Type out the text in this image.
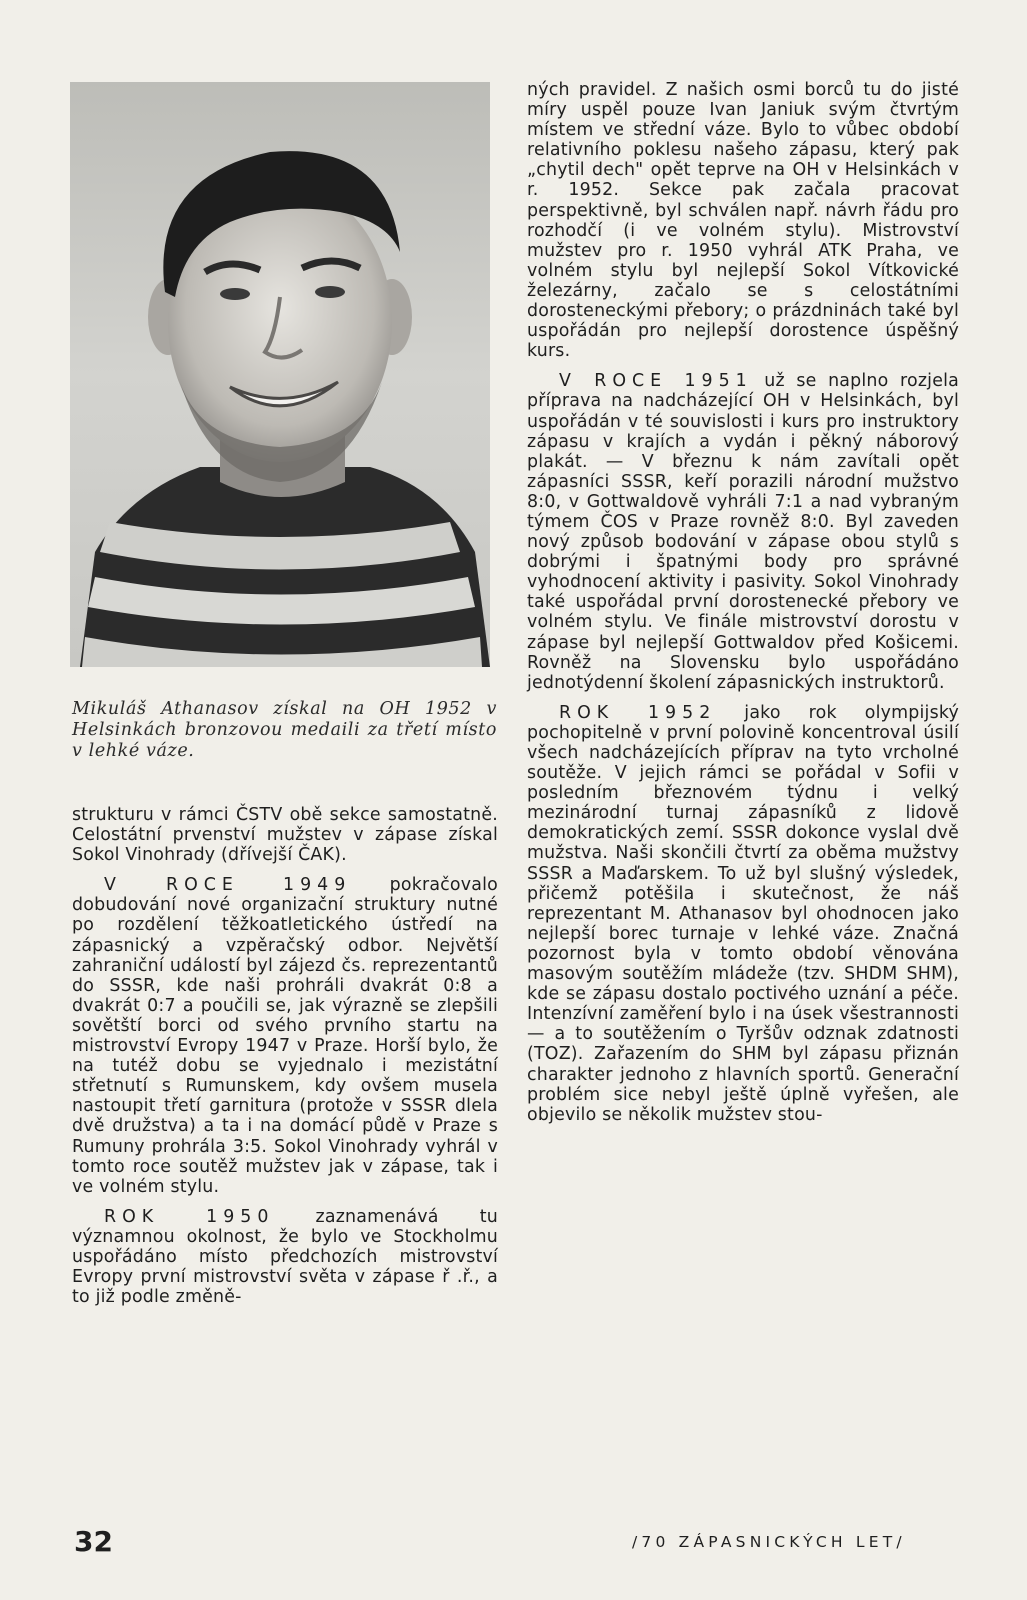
Mikuláš Athanasov získal na OH 1952 v Helsinkách bronzovou medaili za třetí místo v lehké váze.

strukturu v rámci ČSTV obě sekce samostatně. Celostátní prvenství mužstev v zápase získal Sokol Vinohrady (dřívejší ČAK).

V ROCE 1949 pokračovalo dobudování nové organizační struktury nutné po rozdělení těžkoatletického ústředí na zápasnický a vzpěračský odbor. Největší zahraniční událostí byl zájezd čs. reprezentantů do SSSR, kde naši prohráli dvakrát 0:8 a dvakrát 0:7 a poučili se, jak výrazně se zlepšili sovětští borci od svého prvního startu na mistrovství Evropy 1947 v Praze. Horší bylo, že na tutéž dobu se vyjednalo i mezistátní střetnutí s Rumunskem, kdy ovšem musela nastoupit třetí garnitura (protože v SSSR dlela dvě družstva) a ta i na domácí půdě v Praze s Rumuny prohrála 3:5. Sokol Vinohrady vyhrál v tomto roce soutěž mužstev jak v zápase, tak i ve volném stylu.

ROK 1950 zaznamenává tu významnou okolnost, že bylo ve Stockholmu uspořádáno místo předchozích mistrovství Evropy první mistrovství světa v zápase ř .ř., a to již podle změně-

ných pravidel. Z našich osmi borců tu do jisté míry uspěl pouze Ivan Janiuk svým čtvrtým místem ve střední váze. Bylo to vůbec období relativního poklesu našeho zápasu, který pak „chytil dech" opět teprve na OH v Helsinkách v r. 1952. Sekce pak začala pracovat perspektivně, byl schválen např. návrh řádu pro rozhodčí (i ve volném stylu). Mistrovství mužstev pro r. 1950 vyhrál ATK Praha, ve volném stylu byl nejlepší Sokol Vítkovické železárny, začalo se s celostátními dorosteneckými přebory; o prázdninách také byl uspořádán pro nejlepší dorostence úspěšný kurs.

V ROCE 1951 už se naplno rozjela příprava na nadcházející OH v Helsinkách, byl uspořádán v té souvislosti i kurs pro instruktory zápasu v krajích a vydán i pěkný náborový plakát. — V březnu k nám zavítali opět zápasníci SSSR, keří porazili národní mužstvo 8:0, v Gottwaldově vyhráli 7:1 a nad vybraným týmem ČOS v Praze rovněž 8:0. Byl zaveden nový způsob bodování v zápase obou stylů s dobrými i špatnými body pro správné vyhodnocení aktivity i pasivity. Sokol Vinohrady také uspořádal první dorostenecké přebory ve volném stylu. Ve finále mistrovství dorostu v zápase byl nejlepší Gottwaldov před Košicemi. Rovněž na Slovensku bylo uspořádáno jednotýdenní školení zápasnických instruktorů.

ROK 1952 jako rok olympijský pochopitelně v první polovině koncentroval úsilí všech nadcházejících příprav na tyto vrcholné soutěže. V jejich rámci se pořádal v Sofii v posledním březnovém týdnu i velký mezinárodní turnaj zápasníků z lidově demokratických zemí. SSSR dokonce vyslal dvě mužstva. Naši skončili čtvrtí za oběma mužstvy SSSR a Maďarskem. To už byl slušný výsledek, přičemž potěšila i skutečnost, že náš reprezentant M. Athanasov byl ohodnocen jako nejlepší borec turnaje v lehké váze. Značná pozornost byla v tomto období věnována masovým soutěžím mládeže (tzv. SHDM SHM), kde se zápasu dostalo poctivého uznání a péče. Intenzívní zaměření bylo i na úsek všestrannosti — a to soutěžením o Tyršův odznak zdatnosti (TOZ). Zařazením do SHM byl zápasu přiznán charakter jednoho z hlavních sportů. Generační problém sice nebyl ještě úplně vyřešen, ale objevilo se několik mužstev stou-

32	/70 ZÁPASNICKÝCH LET/
